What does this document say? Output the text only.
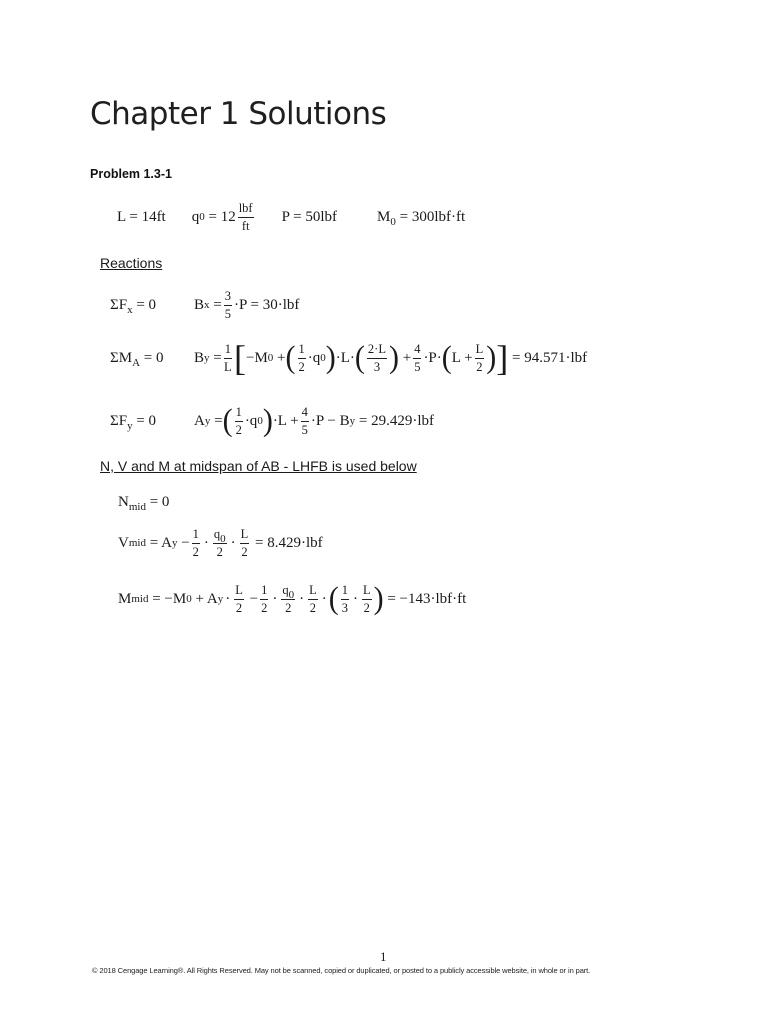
Chapter 1 Solutions
Problem 1.3-1
L = 14ft q 0
= 12
lbf
ft
P = 50lbf	$M_0 = 300lbf\cdot ft$
Reactions
$\Sigma F_x = 0$	B x
= $\frac{3}{5} \cdot P = 30\cdot lbf$
$\Sigma M_A = 0$	B y
= $\frac{1}{L}$ [ −M 0
+ ( 1
2
·q 0 ) ·L· ( 2·L
3 )
+ $\frac{4}{5} \cdot P\cdot$ ( $L + \frac{L}{2}$ ) ]
= 94.571·lbf
$\Sigma F_y = 0$	A y
= ( 1
2
·q 0 ) $\cdot L + \frac{4}{5} \cdot P - B$ y
= 29.429·lbf
N, V and M at midspan of AB - LHFB is used below
$N_{mid} = 0$
V mid
= A y
− $\frac{1}{2}$ ·
$q_0$
2
· $\frac{L}{2}$
= 8.429·lbf
M mid
= −M 0
+ A y ·
L
2

− $\frac{1}{2}$ ·
$q_0$
2
·
L
2
· ( 1
3
·
L
2 )
= −143·lbf·ft
1
© 2018 Cengage Learning®. All Rights Reserved. May not be scanned, copied or duplicated, or posted to a publicly accessible website, in whole or in part.
